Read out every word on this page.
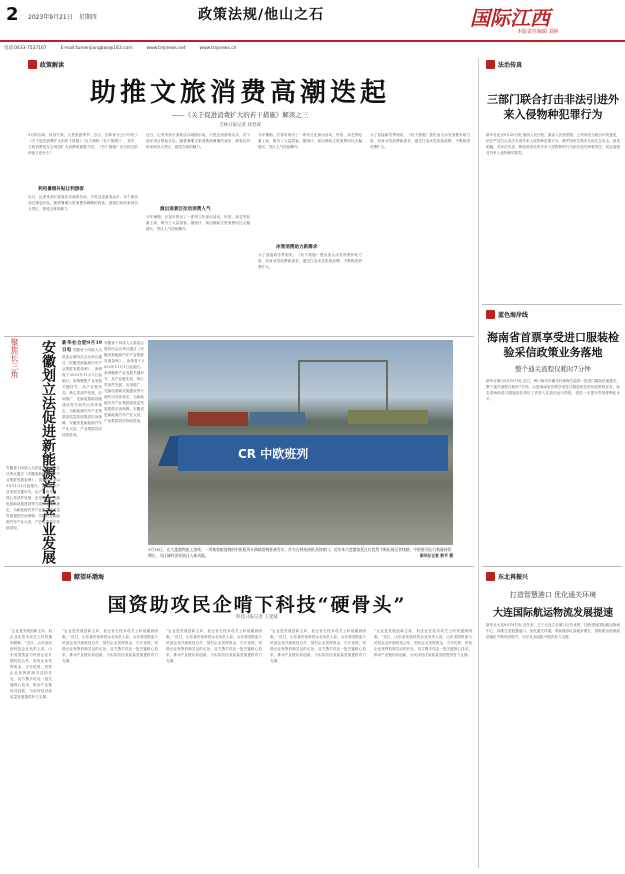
2 2023年9月21日　星期四	政策法规/他山之石	国际江西
本版责任编辑 刘婷
电话:0433-7537167	E-mail:tumenjiangbao@163.com	www.tmjnews.net	www.tmjnews.cn
政策解读
助推文旅消费高潮迭起
——《关于促进消费扩大的若干措施》解读之三
吉林日报记者 徐晋森
9月的吉林，秋高气爽，文是旅游季节。近日，吉林省办公厅印发了《关于促进消费扩大的若干措施》（以下简称《若干措施》），其中，文旅消费是在吉林省扩大消费的重要方面。《若干措施》出台的目的和意义是什么？
利用暑假补贴让利游客
近日，记者来到长春欢乐谷城游乐场，只见这里游客众多，各个游乐项目排起长队。随着暑期文旅消费高峰期的到来，游客们纷纷来到各大景区，感受吉林的魅力。
近日，记者来到长春欢乐谷城游乐场，只见这里游客众多，各个游乐项目排起长队。随着暑期文旅消费高峰期的到来，游客们纷纷来到各大景区，感受吉林的魅力。
演出进景区拉动消费人气
今年暑期，长春市推出了一系列文化演出活动，民俗、演艺等轮番上演，吸引了大量游客。据统计，演出期间文旅消费同比大幅增长，景区人气持续攀升。
今年暑期，长春市推出了一系列文化演出活动，民俗、演艺等轮番上演，吸引了大量游客。据统计，演出期间文旅消费同比大幅增长，景区人气持续攀升。
冰雪消费助力新需求
为了迎接新雪季到来，《若干措施》提出加大冰雪消费补贴力度，培育冰雪消费新需求，通过打造冰雪旅游品牌，不断推进消费扩大。
为了迎接新雪季到来，《若干措施》提出加大冰雪消费补贴力度，培育冰雪消费新需求，通过打造冰雪旅游品牌，不断推进消费扩大。
聚焦长三角	安徽划立法促进新能源汽车产业发展 新华社合肥9月19日电 安徽省十四届人大常委会第四次会议审议通过《安徽省新能源汽车产业集群发展条例》，条例将于2023年11月1日起施行。条例聚焦产业发展关键环节，从产业链布局、核心零部件发展、应用推广、充换电基础设施建设等方面作出具体规定，为新能源汽车产业集群高质量发展提供法治保障。安徽省是新能源汽车产业大省，产业集群效应持续显现。
安徽省十四届人大常委会第四次会议审议通过《安徽省新能源汽车产业集群发展条例》，条例将于2023年11月1日起施行。条例聚焦产业发展关键环节，从产业链布局、核心零部件发展、应用推广、充换电基础设施建设等方面作出具体规定，为新能源汽车产业集群高质量发展提供法治保障。安徽省是新能源汽车产业大省，产业集群效应持续显现。
安徽省十四届人大常委会第四次会议审议通过《安徽省新能源汽车产业集群发展条例》，条例将于2023年11月1日起施行。条例聚焦产业发展关键环节，从产业链布局、核心零部件发展、应用推广、充换电基础设施建设等方面作出具体规定，为新能源汽车产业集群高质量发展提供法治保障。安徽省是新能源汽车产业大省，产业集群效应持续显现。
CR 中欧班列
9月18日，在大莲港物流上游线，一列集装箱货物的中欧班列车满载货物准备发车。作为吉林连接欧亚的窗口，近年来大莲港依托区位优势不断拓展运营线路，中欧班列运行数量持续增长，为区域经济发展注入新动能。	新华社记者 数平 摄
瞭望环渤海
国资助攻民企啃下科技“硬骨头”
科技日报记者 王延斌
“企业是发展创新主体，但企业在技术攻关上时常遇到困难。”近日，山东某民营科技企业负责人说。山东省国资委与民营企业开展科技合作，国有企业发挥资金、平台优势，民营企业发挥机制灵活的长处，双方携手攻克一批关键核心技术，推动产业链协同创新，为实体经济高质量发展提供有力支撑。
“企业是发展创新主体，但企业在技术攻关上时常遇到困难。”近日，山东某民营科技企业负责人说。山东省国资委与民营企业开展科技合作，国有企业发挥资金、平台优势，民营企业发挥机制灵活的长处，双方携手攻克一批关键核心技术，推动产业链协同创新，为实体经济高质量发展提供有力支撑。
“企业是发展创新主体，但企业在技术攻关上时常遇到困难。”近日，山东某民营科技企业负责人说。山东省国资委与民营企业开展科技合作，国有企业发挥资金、平台优势，民营企业发挥机制灵活的长处，双方携手攻克一批关键核心技术，推动产业链协同创新，为实体经济高质量发展提供有力支撑。
“企业是发展创新主体，但企业在技术攻关上时常遇到困难。”近日，山东某民营科技企业负责人说。山东省国资委与民营企业开展科技合作，国有企业发挥资金、平台优势，民营企业发挥机制灵活的长处，双方携手攻克一批关键核心技术，推动产业链协同创新，为实体经济高质量发展提供有力支撑。
“企业是发展创新主体，但企业在技术攻关上时常遇到困难。”近日，山东某民营科技企业负责人说。山东省国资委与民营企业开展科技合作，国有企业发挥资金、平台优势，民营企业发挥机制灵活的长处，双方携手攻克一批关键核心技术，推动产业链协同创新，为实体经济高质量发展提供有力支撑。
法治传真
三部门联合打击非法引进外来入侵物种犯罪行为
新华社北京9月20日电 最高人民法院、最高人民检察院、公安部近日联合印发意见，依法严厉打击非法引进外来入侵物种犯罪行为，维护国家生物安全和生态安全。意见明确，对非法引进、释放或者丢弃外来入侵物种的行为依法追究刑事责任，切实加强对外来入侵物种的防控。
蓝色海岸线
海南省首票享受进口服装检验采信政策业务落地
整个通关流程仅耗时7分钟
新华社海口9月19日电 近日，海口海关所属马村港海关监管一批进口服装快速通关，整个通关流程仅耗时7分钟。这是海南省首票享受进口服装检验采信政策的业务，标志着海南进口服装检验采信工作进入实质化运行阶段，将进一步提升贸易便利化水平。
东北再振兴
打造智慧港口 优化通关环境
大连国际航运物流发展提速
新华社大连9月19日电 近年来，辽宁大连立足港口区位优势，加快建设国际航运物流中心，持续打造智慧港口，优化通关环境，集装箱吞吐量稳步增长，国际航运物流枢纽地位不断巩固提升，为东北全面振兴提供有力支撑。
